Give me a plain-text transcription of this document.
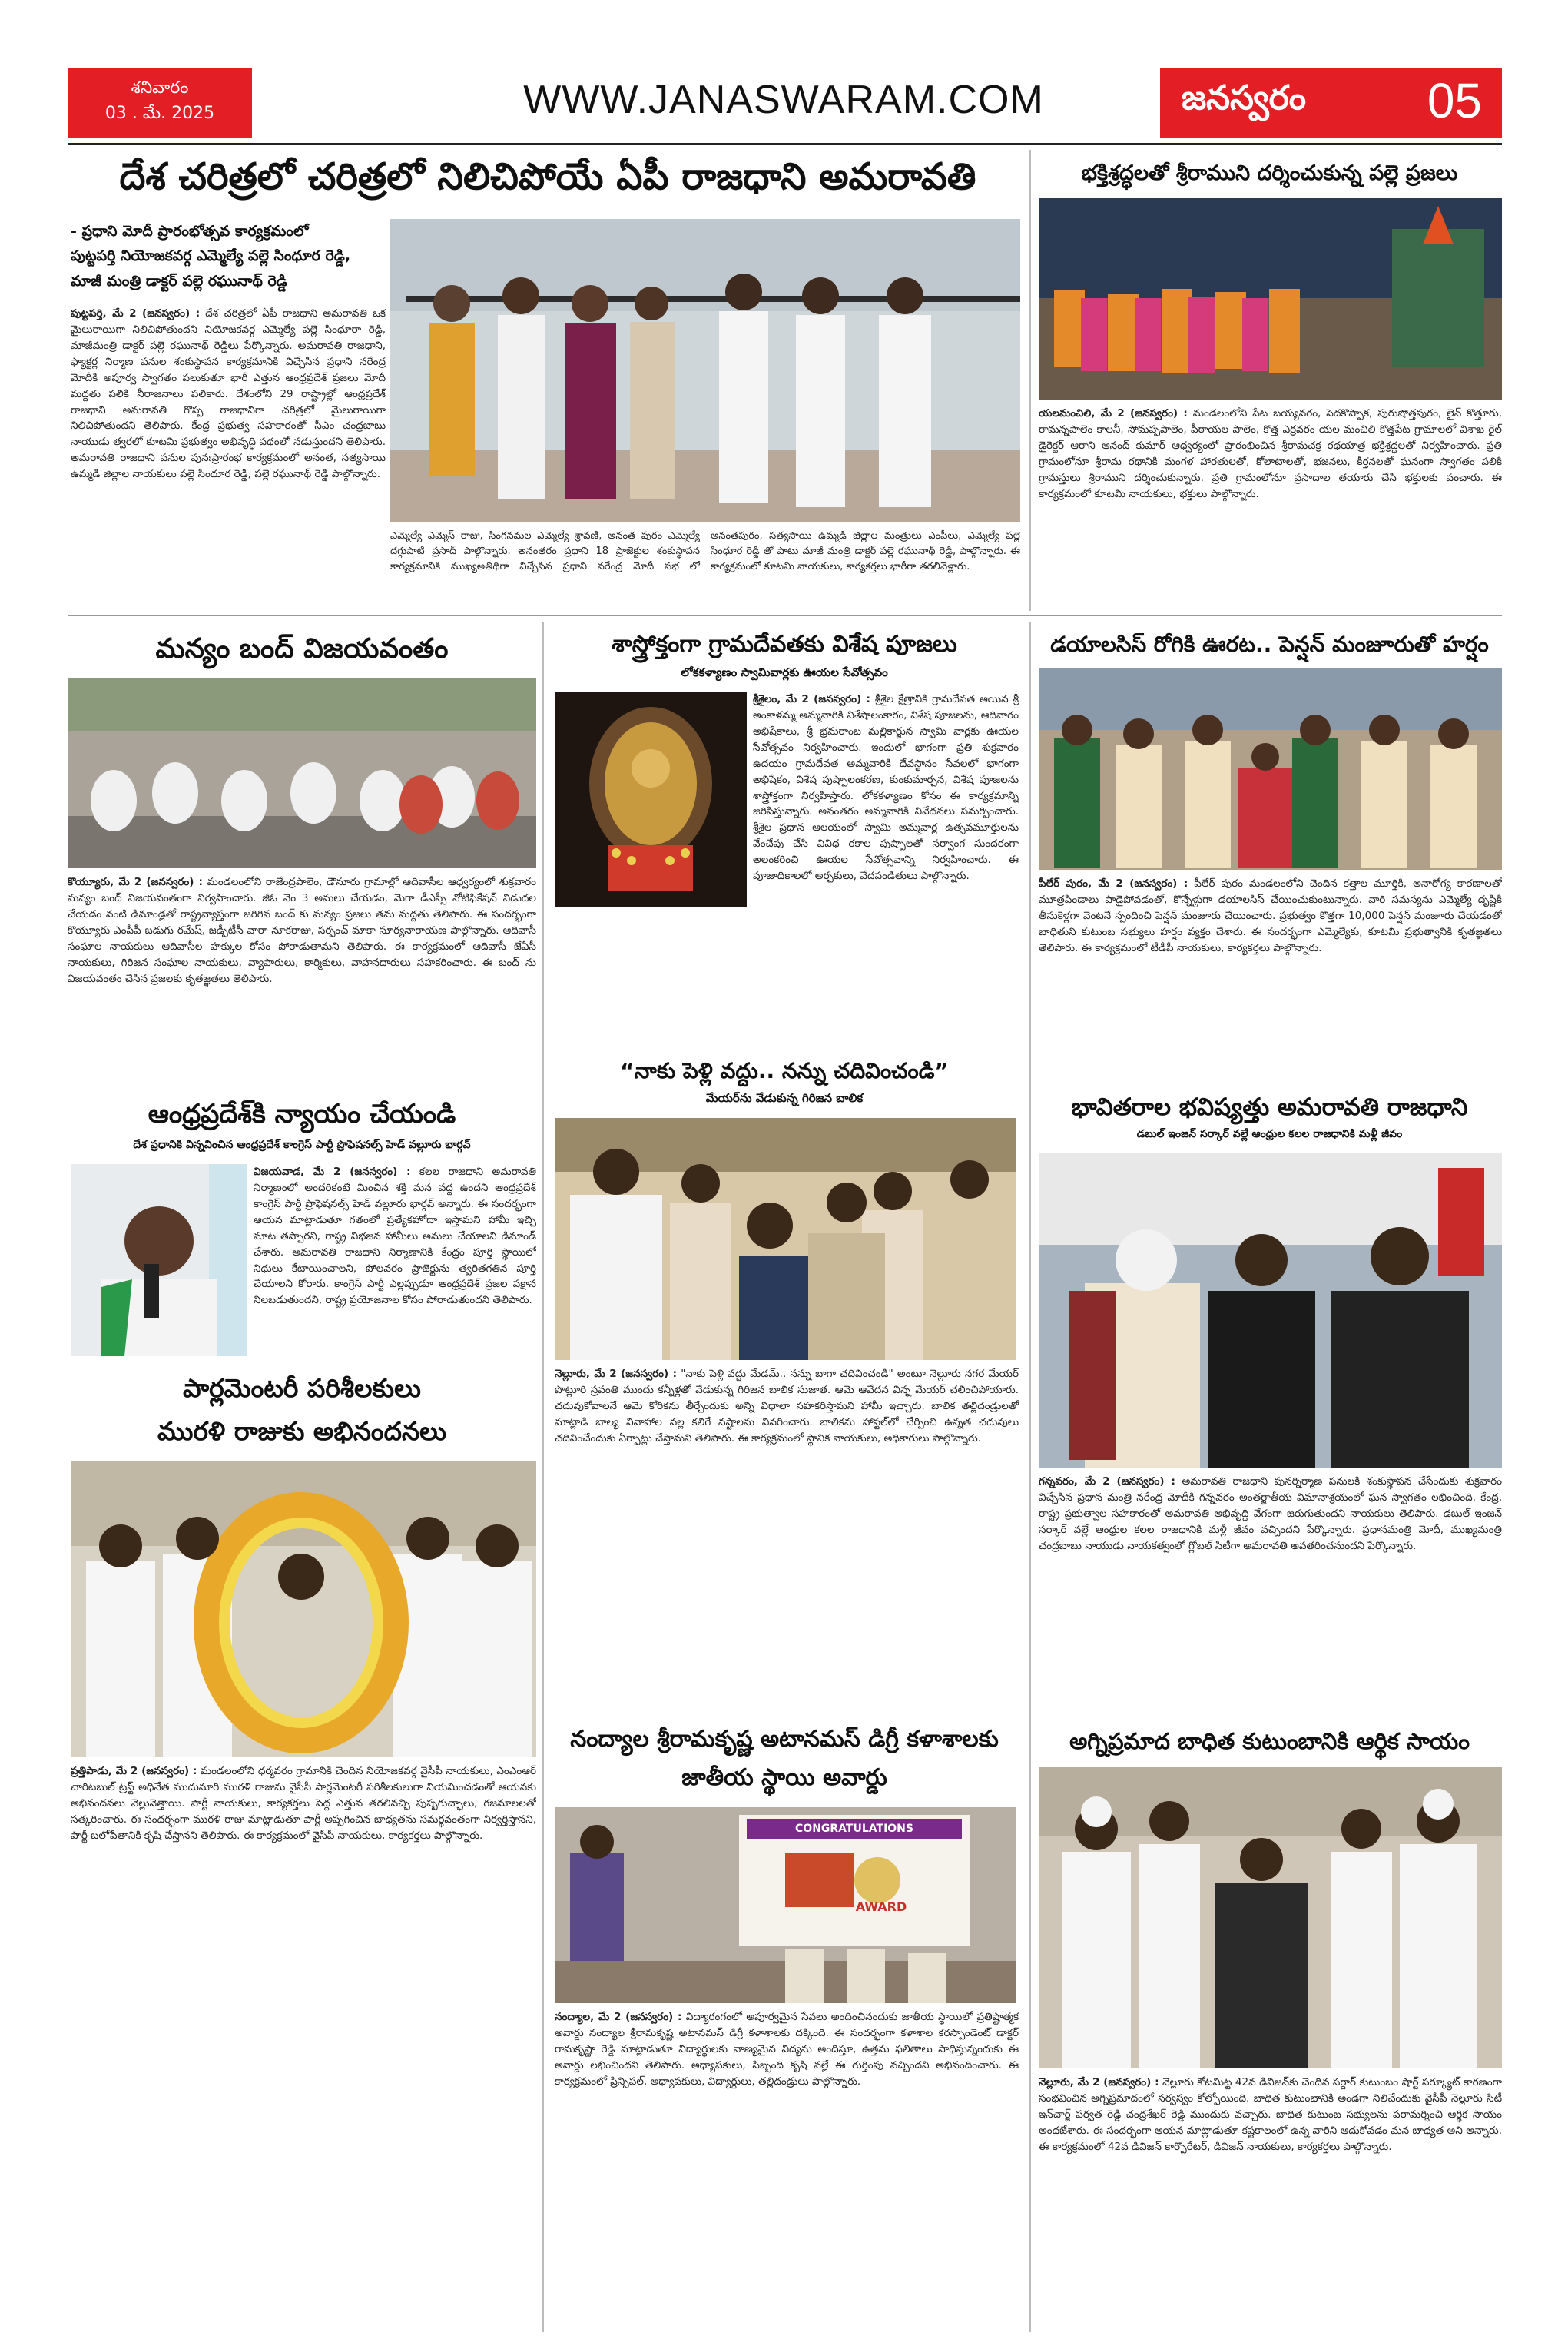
శనివారం
03 . మే. 2025	WWW.JANASWARAM.COM	జనస్వరం 05
దేశ చరిత్రలో చరిత్రలో నిలిచిపోయే ఏపీ రాజధాని అమరావతి
- ప్రధాని మోదీ ప్రారంభోత్సవ కార్యక్రమంలో
పుట్టపర్తి నియోజకవర్గ ఎమ్మెల్యే పల్లె సింధూర రెడ్డి,
మాజీ మంత్రి డాక్టర్ పల్లె రఘునాథ్ రెడ్డి
పుట్టపర్తి, మే 2 (జనస్వరం) : దేశ చరిత్రలో ఏపీ రాజధాని అమరావతి ఒక మైలురాయిగా నిలిచిపోతుందని నియోజకవర్గ ఎమ్మెల్యే పల్లె సింధూరా రెడ్డి, మాజీమంత్రి డాక్టర్ పల్లె రఘునాథ్ రెడ్డిలు పేర్కొన్నారు. అమరావతి రాజధాని, ఫ్యాక్టర్ల నిర్మాణ పనుల శంకుస్థాపన కార్యక్రమానికి విచ్చేసిన ప్రధాని నరేంద్ర మోదీకి అపూర్వ స్వాగతం పలుకుతూ భారీ ఎత్తున ఆంధ్రప్రదేశ్ ప్రజలు మోదీ మద్దతు పలికి నీరాజనాలు పలికారు. దేశంలోని 29 రాష్ట్రాల్లో ఆంధ్రప్రదేశ్ రాజధాని అమరావతి గొప్ప రాజధానిగా చరిత్రలో మైలురాయిగా నిలిచిపోతుందని తెలిపారు. కేంద్ర ప్రభుత్వ సహకారంతో సీఎం చంద్రబాబు నాయుడు త్వరలో కూటమి ప్రభుత్వం అభివృద్ధి పథంలో నడుస్తుందని తెలిపారు. అమరావతి రాజధాని పనుల పునఃప్రారంభ కార్యక్రమంలో అనంత, సత్యసాయి ఉమ్మడి జిల్లాల నాయకులు పల్లె సింధూర రెడ్డి, పల్లె రఘునాథ్ రెడ్డి పాల్గొన్నారు.
ఎమ్మెల్యే ఎమ్మెస్ రాజు, సింగనమల ఎమ్మెల్యే శ్రావణి, అనంత పురం ఎమ్మెల్యే దగ్గుపాటి ప్రసాద్ పాల్గొన్నారు. అనంతరం ప్రధాని 18 ప్రాజెక్టుల శంకుస్థాపన కార్యక్రమానికి ముఖ్యఅతిథిగా విచ్చేసిన ప్రధాని నరేంద్ర మోదీ సభ లో అనంతపురం, సత్యసాయి ఉమ్మడి జిల్లాల మంత్రులు ఎంపీలు, ఎమ్మెల్యే పల్లె సింధూర రెడ్డి తో పాటు మాజీ మంత్రి డాక్టర్ పల్లె రఘునాథ్ రెడ్డి, పాల్గొన్నారు. ఈ కార్యక్రమంలో కూటమి నాయకులు, కార్యకర్తలు భారీగా తరలివెళ్లారు.
భక్తిశ్రద్ధలతో శ్రీరాముని దర్శించుకున్న పల్లె ప్రజలు
యలమంచిలి, మే 2 (జనస్వరం) : మండలంలోని పేట బయ్యవరం, పెదకొప్పాక, పురుషోత్తపురం, లైన్ కొత్తూరు, రామన్నపాలెం కాలనీ, సోమప్పపాలెం, పీఠాయల పాలెం, కొత్త ఎర్రవరం యల మంచిలి కొత్తపేట గ్రామాలలో విశాఖ రైల్ డైరెక్టర్ ఆరాని ఆనంద్ కుమార్ ఆధ్వర్యంలో ప్రారంభించిన శ్రీరామచక్ర రథయాత్ర భక్తిశ్రద్ధలతో నిర్వహించారు. ప్రతి గ్రామంలోనూ శ్రీరామ రథానికి మంగళ హారతులతో, కోలాటాలతో, భజనలు, కీర్తనలతో ఘనంగా స్వాగతం పలికి గ్రామస్తులు శ్రీరాముని దర్శించుకున్నారు. ప్రతి గ్రామంలోనూ ప్రసాదాల తయారు చేసి భక్తులకు పంచారు. ఈ కార్యక్రమంలో కూటమి నాయకులు, భక్తులు పాల్గొన్నారు.
మన్యం బంద్ విజయవంతం
కొయ్యూరు, మే 2 (జనస్వరం) : మండలంలోని రాజేంద్రపాలెం, డౌనూరు గ్రామాల్లో ఆదివాసీల ఆధ్వర్యంలో శుక్రవారం మన్యం బంద్ విజయవంతంగా నిర్వహించారు. జీఓ నెం 3 అమలు చేయడం, మెగా డీఎస్సీ నోటిఫికేషన్ విడుదల చేయడం వంటి డిమాండ్లతో రాష్ట్రవ్యాప్తంగా జరిగిన బంద్ కు మన్యం ప్రజలు తమ మద్దతు తెలిపారు. ఈ సందర్భంగా కొయ్యూరు ఎంపీపీ బడుగు రమేష్, జడ్పీటీసీ వారా నూకరాజు, సర్పంచ్ మాకా సూర్యనారాయణ పాల్గొన్నారు. ఆదివాసీ సంఘాల నాయకులు ఆదివాసీల హక్కుల కోసం పోరాడుతామని తెలిపారు. ఈ కార్యక్రమంలో ఆదివాసీ జేఏసీ నాయకులు, గిరిజన సంఘాల నాయకులు, వ్యాపారులు, కార్మికులు, వాహనదారులు సహకరించారు. ఈ బంద్ ను విజయవంతం చేసిన ప్రజలకు కృతజ్ఞతలు తెలిపారు.
శాస్త్రోక్తంగా గ్రామదేవతకు విశేష పూజలు
లోకకళ్యాణం స్వామివార్లకు ఊయల సేవోత్సవం
శ్రీశైలం, మే 2 (జనస్వరం) : శ్రీశైల క్షేత్రానికి గ్రామదేవత అయిన శ్రీ అంకాళమ్మ అమ్మవారికి విశేషాలంకారం, విశేష పూజలను, ఆదివారం అభిషేకాలు, శ్రీ భ్రమరాంబ మల్లికార్జున స్వామి వార్లకు ఊయల సేవోత్సవం నిర్వహించారు. ఇందులో భాగంగా ప్రతి శుక్రవారం ఉదయం గ్రామదేవత అమ్మవారికి దేవస్థానం సేవలలో భాగంగా అభిషేకం, విశేష పుష్పాలంకరణ, కుంకుమార్చన, విశేష పూజలను శాస్త్రోక్తంగా నిర్వహిస్తారు. లోకకళ్యాణం కోసం ఈ కార్యక్రమాన్ని జరిపిస్తున్నారు. అనంతరం అమ్మవారికి నివేదనలు సమర్పించారు. శ్రీశైల ప్రధాన ఆలయంలో స్వామి అమ్మవార్ల ఉత్సవమూర్తులను వేంచేపు చేసి వివిధ రకాల పుష్పాలతో సర్వాంగ సుందరంగా అలంకరించి ఊయల సేవోత్సవాన్ని నిర్వహించారు. ఈ పూజాదికాలలో అర్చకులు, వేదపండితులు పాల్గొన్నారు.
డయాలసిస్ రోగికి ఊరట.. పెన్షన్ మంజూరుతో హర్షం
పీలేర్ పురం, మే 2 (జనస్వరం) : పీలేర్ పురం మండలంలోని చెందిన కత్తాల మూర్తికి, అనారోగ్య కారణాలతో మూత్రపిండాలు పాడైపోవడంతో, కొన్నేళ్లుగా డయాలసిస్ చేయించుకుంటున్నారు. వారి సమస్యను ఎమ్మెల్యే దృష్టికి తీసుకెళ్లగా వెంటనే స్పందించి పెన్షన్ మంజూరు చేయించారు. ప్రభుత్వం కొత్తగా 10,000 పెన్షన్ మంజూరు చేయడంతో బాధితుని కుటుంబ సభ్యులు హర్షం వ్యక్తం చేశారు. ఈ సందర్భంగా ఎమ్మెల్యేకు, కూటమి ప్రభుత్వానికి కృతజ్ఞతలు తెలిపారు. ఈ కార్యక్రమంలో టీడీపీ నాయకులు, కార్యకర్తలు పాల్గొన్నారు.
ఆంధ్రప్రదేశ్‌కి న్యాయం చేయండి
దేశ ప్రధానికి విన్నవించిన ఆంధ్రప్రదేశ్ కాంగ్రెస్ పార్టీ ప్రొఫెషనల్స్ హెడ్ వల్లూరు భార్గవ్
విజయవాడ, మే 2 (జనస్వరం) : కలల రాజధాని అమరావతి నిర్మాణంలో అందరికంటే మించిన శక్తి మన వద్ద ఉందని ఆంధ్రప్రదేశ్ కాంగ్రెస్ పార్టీ ప్రొఫెషనల్స్ హెడ్ వల్లూరు భార్గవ్ అన్నారు. ఈ సందర్భంగా ఆయన మాట్లాడుతూ గతంలో ప్రత్యేకహోదా ఇస్తామని హామీ ఇచ్చి మాట తప్పారని, రాష్ట్ర విభజన హామీలు అమలు చేయాలని డిమాండ్ చేశారు. అమరావతి రాజధాని నిర్మాణానికి కేంద్రం పూర్తి స్థాయిలో నిధులు కేటాయించాలని, పోలవరం ప్రాజెక్టును త్వరితగతిన పూర్తి చేయాలని కోరారు. కాంగ్రెస్ పార్టీ ఎల్లప్పుడూ ఆంధ్రప్రదేశ్ ప్రజల పక్షాన నిలబడుతుందని, రాష్ట్ర ప్రయోజనాల కోసం పోరాడుతుందని తెలిపారు.
“నాకు పెళ్లి వద్దు.. నన్ను చదివించండి”
మేయర్‌ను వేడుకున్న గిరిజన బాలిక
నెల్లూరు, మే 2 (జనస్వరం) : "నాకు పెళ్లి వద్దు మేడమ్.. నన్ను బాగా చదివించండి" అంటూ నెల్లూరు నగర మేయర్ పొట్లూరి స్రవంతి ముందు కన్నీళ్లతో వేడుకున్న గిరిజన బాలిక సుజాత. ఆమె ఆవేదన విన్న మేయర్ చలించిపోయారు. చదువుకోవాలనే ఆమె కోరికను తీర్చేందుకు అన్ని విధాలా సహకరిస్తామని హామీ ఇచ్చారు. బాలిక తల్లిదండ్రులతో మాట్లాడి బాల్య వివాహాల వల్ల కలిగే నష్టాలను వివరించారు. బాలికను హాస్టల్‌లో చేర్పించి ఉన్నత చదువులు చదివించేందుకు ఏర్పాట్లు చేస్తామని తెలిపారు. ఈ కార్యక్రమంలో స్థానిక నాయకులు, అధికారులు పాల్గొన్నారు.
భావితరాల భవిష్యత్తు అమరావతి రాజధాని
డబుల్ ఇంజన్ సర్కార్ వల్లే ఆంధ్రుల కలల రాజధానికి మళ్లీ జీవం
గన్నవరం, మే 2 (జనస్వరం) : అమరావతి రాజధాని పునర్నిర్మాణ పనులకి శంకుస్థాపన చేసేందుకు శుక్రవారం విచ్చేసిన ప్రధాన మంత్రి నరేంద్ర మోదీకి గన్నవరం అంతర్జాతీయ విమానాశ్రయంలో ఘన స్వాగతం లభించింది. కేంద్ర, రాష్ట్ర ప్రభుత్వాల సహకారంతో అమరావతి అభివృద్ధి వేగంగా జరుగుతుందని నాయకులు తెలిపారు. డబుల్ ఇంజన్ సర్కార్ వల్లే ఆంధ్రుల కలల రాజధానికి మళ్లీ జీవం వచ్చిందని పేర్కొన్నారు. ప్రధానమంత్రి మోదీ, ముఖ్యమంత్రి చంద్రబాబు నాయుడు నాయకత్వంలో గ్లోబల్ సిటీగా అమరావతి అవతరించనుందని పేర్కొన్నారు.
పార్లమెంటరీ పరిశీలకులు
మురళి రాజుకు అభినందనలు
ప్రత్తిపాడు, మే 2 (జనస్వరం) : మండలంలోని ధర్మవరం గ్రామానికి చెందిన నియోజకవర్గ వైసీపీ నాయకులు, ఎంఎంఆర్ చారిటబుల్ ట్రస్ట్ అధినేత ముదునూరి మురళి రాజును వైసీపీ పార్లమెంటరీ పరిశీలకులుగా నియమించడంతో ఆయనకు అభినందనలు వెల్లువెత్తాయి. పార్టీ నాయకులు, కార్యకర్తలు పెద్ద ఎత్తున తరలివచ్చి పుష్పగుచ్ఛాలు, గజమాలలతో సత్కరించారు. ఈ సందర్భంగా మురళి రాజు మాట్లాడుతూ పార్టీ అప్పగించిన బాధ్యతను సమర్థవంతంగా నిర్వర్తిస్తానని, పార్టీ బలోపేతానికి కృషి చేస్తానని తెలిపారు. ఈ కార్యక్రమంలో వైసీపీ నాయకులు, కార్యకర్తలు పాల్గొన్నారు.
నంద్యాల శ్రీరామకృష్ణ అటానమస్ డిగ్రీ కళాశాలకు
జాతీయ స్థాయి అవార్డు
CONGRATULATIONS
AWARD
నంద్యాల, మే 2 (జనస్వరం) : విద్యారంగంలో అపూర్వమైన సేవలు అందించినందుకు జాతీయ స్థాయిలో ప్రతిష్టాత్మక అవార్డు నంద్యాల శ్రీరామకృష్ణ అటానమస్ డిగ్రీ కళాశాలకు దక్కింది. ఈ సందర్భంగా కళాశాల కరస్పాండెంట్ డాక్టర్ రామకృష్ణా రెడ్డి మాట్లాడుతూ విద్యార్థులకు నాణ్యమైన విద్యను అందిస్తూ, ఉత్తమ ఫలితాలు సాధిస్తున్నందుకు ఈ అవార్డు లభించిందని తెలిపారు. అధ్యాపకులు, సిబ్బంది కృషి వల్లే ఈ గుర్తింపు వచ్చిందని అభినందించారు. ఈ కార్యక్రమంలో ప్రిన్సిపల్, అధ్యాపకులు, విద్యార్థులు, తల్లిదండ్రులు పాల్గొన్నారు.
అగ్నిప్రమాద బాధిత కుటుంబానికి ఆర్థిక సాయం
నెల్లూరు, మే 2 (జనస్వరం) : నెల్లూరు కోటమిట్ట 42వ డివిజన్‌కు చెందిన సర్దార్ కుటుంబం షార్ట్ సర్క్యూట్ కారణంగా సంభవించిన అగ్నిప్రమాదంలో సర్వస్వం కోల్పోయింది. బాధిత కుటుంబానికి అండగా నిలిచేందుకు వైసీపీ నెల్లూరు సిటీ ఇన్‌చార్జ్ పర్వత రెడ్డి చంద్రశేఖర్ రెడ్డి ముందుకు వచ్చారు. బాధిత కుటుంబ సభ్యులను పరామర్శించి ఆర్థిక సాయం అందజేశారు. ఈ సందర్భంగా ఆయన మాట్లాడుతూ కష్టకాలంలో ఉన్న వారిని ఆదుకోవడం మన బాధ్యత అని అన్నారు. ఈ కార్యక్రమంలో 42వ డివిజన్ కార్పొరేటర్, డివిజన్ నాయకులు, కార్యకర్తలు పాల్గొన్నారు.
